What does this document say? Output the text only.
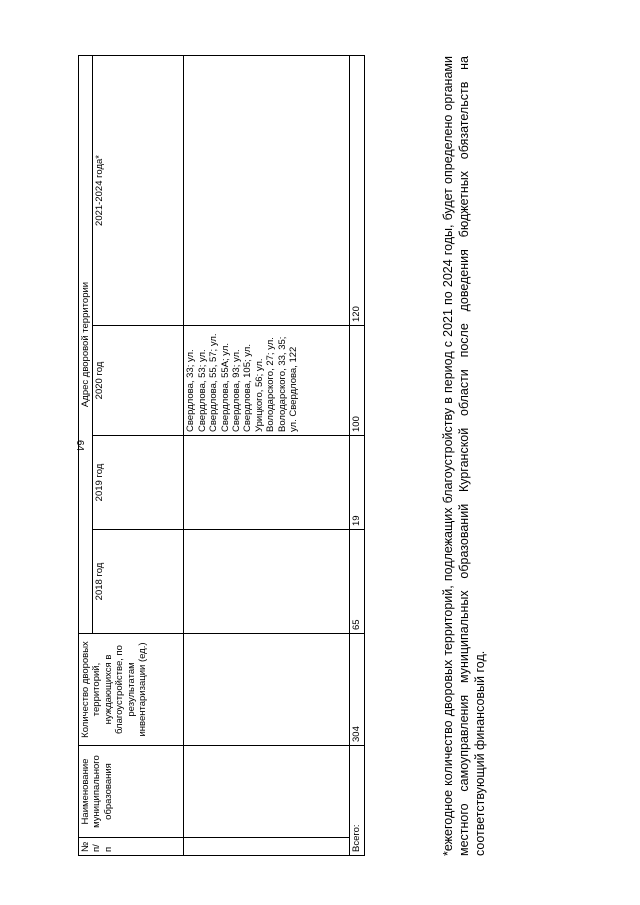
64
№ п/п	Наименование муниципального образования	Количество дворовых территорий, нуждающихся в благоустройстве, по результатам инвентаризации (ед.)	Адрес дворовой территории			
			2018 год	2019 год	2020 год	2021-2024 года*
					Свердлова, 33; ул. Свердлова, 53; ул. Свердлова, 55, 57; ул. Свердлова, 55А; ул. Свердлова, 93; ул. Свердлова, 105; ул. Урицкого, 56; ул. Володарского, 27; ул. Володарского, 33, 35; ул. Свердлова, 122	
Всего:		304	65	19	100	120	*ежегодное количество дворовых территорий, подлежащих благоустройству в период с 2021 по 2024 годы, будет определено органами местного самоуправления муниципальных образований Курганской области после доведения бюджетных обязательств на соответствующий финансовый год.
